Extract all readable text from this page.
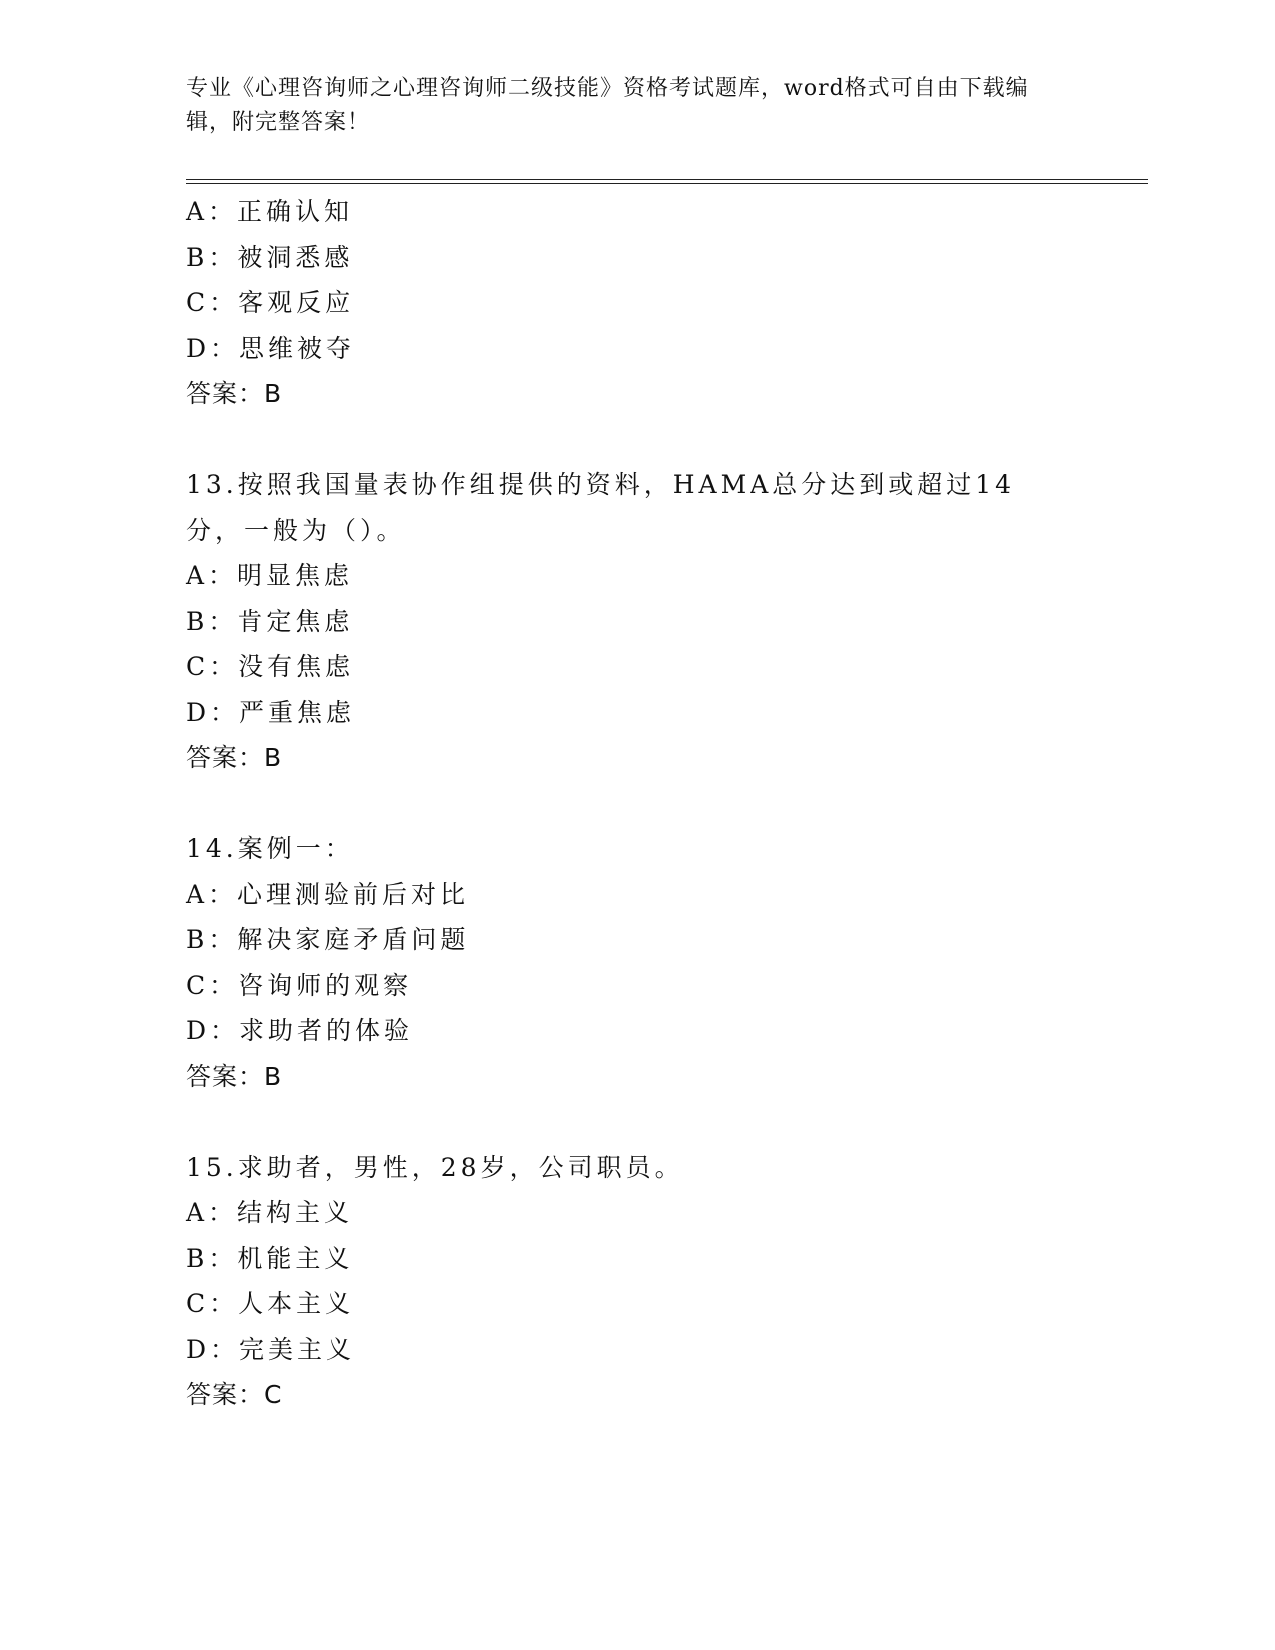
专业《心理咨询师之心理咨询师二级技能》资格考试题库，word格式可自由下载编辑，附完整答案！
A：正确认知
B：被洞悉感
C：客观反应
D：思维被夺
答案：B
13.按照我国量表协作组提供的资料，HAMA总分达到或超过14分，一般为（）。
A：明显焦虑
B：肯定焦虑
C：没有焦虑
D：严重焦虑
答案：B
14.案例一：
A：心理测验前后对比
B：解决家庭矛盾问题
C：咨询师的观察
D：求助者的体验
答案：B
15.求助者，男性，28岁，公司职员。
A：结构主义
B：机能主义
C：人本主义
D：完美主义
答案：C
